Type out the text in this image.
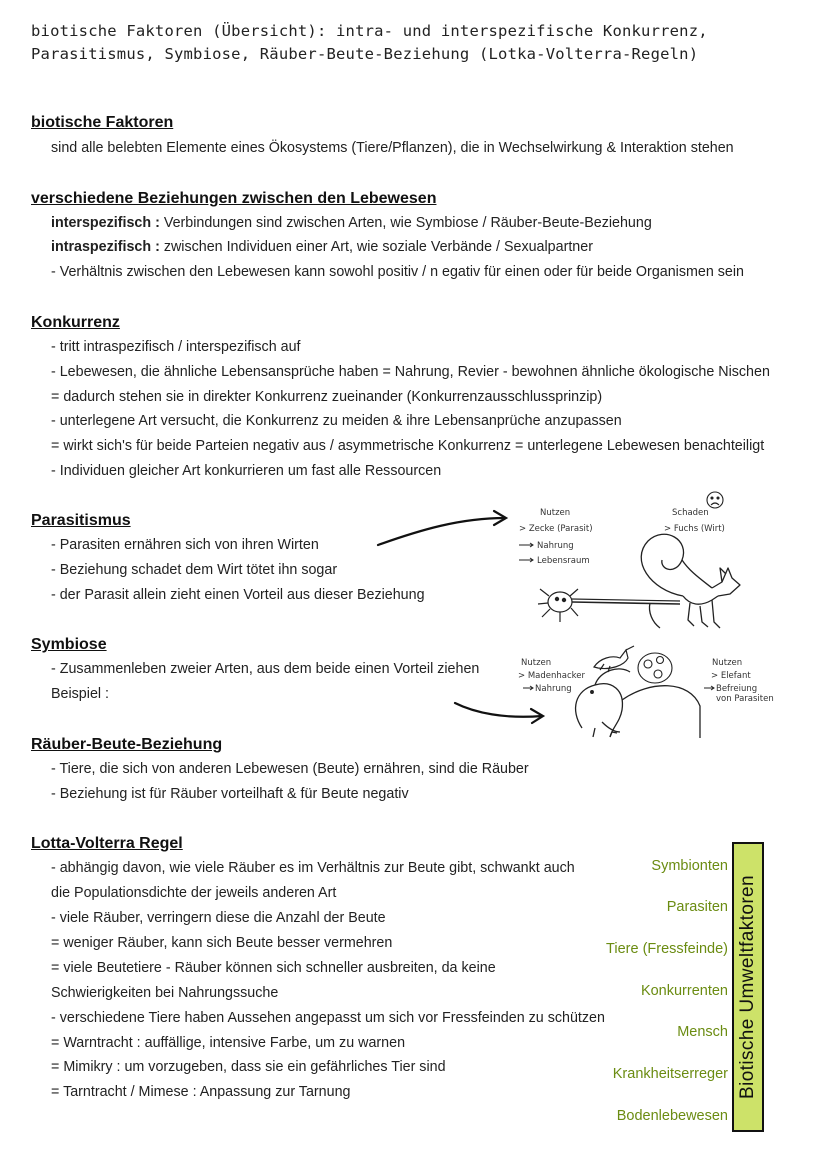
biotische Faktoren (Übersicht): intra- und interspezifische Konkurrenz,
Parasitismus, Symbiose, Räuber-Beute-Beziehung (Lotka-Volterra-Regeln)
biotische Faktoren
sind alle belebten Elemente eines Ökosystems (Tiere/Pflanzen), die in Wechselwirkung & Interaktion stehen
verschiedene Beziehungen zwischen den Lebewesen
interspezifisch : Verbindungen sind zwischen Arten, wie Symbiose / Räuber-Beute-Beziehung
intraspezifisch : zwischen Individuen einer Art, wie soziale Verbände / Sexualpartner
- Verhältnis zwischen den Lebewesen kann sowohl positiv / n egativ für einen oder für beide Organismen sein
Konkurrenz
- tritt intraspezifisch / interspezifisch auf
- Lebewesen, die ähnliche Lebensansprüche haben = Nahrung, Revier - bewohnen ähnliche ökologische Nischen
= dadurch stehen sie in direkter Konkurrenz zueinander (Konkurrenzausschlussprinzip)
- unterlegene Art versucht, die Konkurrenz zu meiden & ihre Lebensanprüche anzupassen
= wirkt sich's für beide Parteien negativ aus / asymmetrische Konkurrenz = unterlegene Lebewesen benachteiligt
- Individuen gleicher Art konkurrieren um fast alle Ressourcen
Parasitismus
- Parasiten ernähren sich von ihren Wirten
- Beziehung schadet dem Wirt tötet ihn sogar
- der Parasit allein zieht einen Vorteil aus dieser Beziehung
Symbiose
- Zusammenleben zweier Arten, aus dem beide einen Vorteil ziehen
Beispiel :
Räuber-Beute-Beziehung
- Tiere, die sich von anderen Lebewesen (Beute) ernähren, sind die Räuber
- Beziehung ist für Räuber vorteilhaft & für Beute negativ
Lotta-Volterra Regel
- abhängig davon, wie viele Räuber es im Verhältnis zur Beute gibt, schwankt auch
die Populationsdichte der jeweils anderen Art
- viele Räuber, verringern diese die Anzahl der Beute
= weniger Räuber, kann sich Beute besser vermehren
= viele Beutetiere - Räuber können sich schneller ausbreiten, da keine
Schwierigkeiten bei Nahrungssuche
- verschiedene Tiere haben Aussehen angepasst um sich vor Fressfeinden zu schützen
= Warntracht : auffällige, intensive Farbe, um zu warnen
= Mimikry : um vorzugeben, dass sie ein gefährliches Tier sind
= Tarntracht / Mimese : Anpassung zur Tarnung
Nutzen	Schaden
> Zecke (Parasit)	> Fuchs (Wirt)
Nahrung
Lebensraum
Nutzen
> Madenhacker
Nahrung
Nutzen
> Elefant
Befreiung
von Parasiten
Biotische Umweltfaktoren
Symbionten
Parasiten
Tiere (Fressfeinde)
Konkurrenten
Mensch
Krankheitserreger
Bodenlebewesen
